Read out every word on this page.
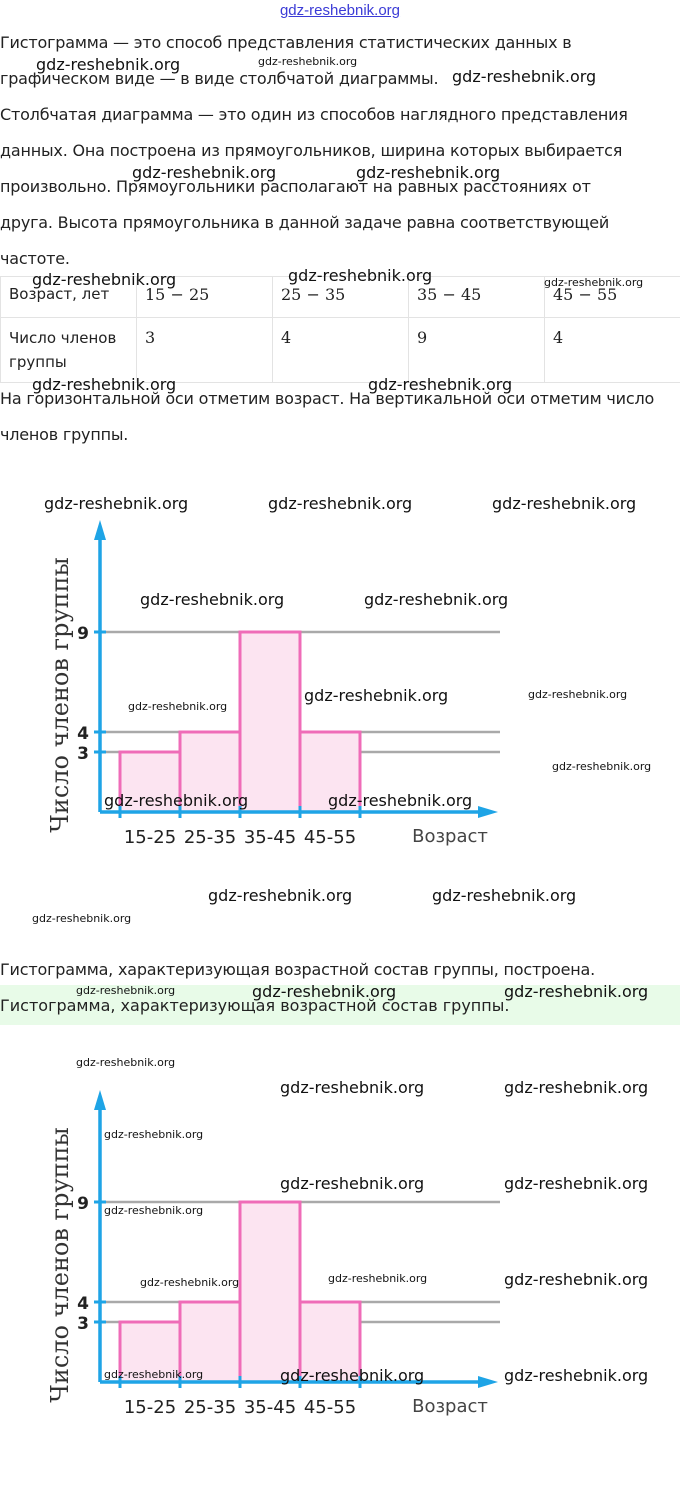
gdz-reshebnik.org
Гистограмма — это способ представления статистических данных в
графическом виде — в виде столбчатой диаграммы.
Столбчатая диаграмма — это один из способов наглядного представления
данных. Она построена из прямоугольников, ширина которых выбирается
произвольно. Прямоугольники располагают на равных расстояниях от
друга. Высота прямоугольника в данной задаче равна соответствующей
частоте.
Возраст, лет	15 − 25	25 − 35	35 − 45	45 − 55
Число членов группы	3	4	9	4
На горизонтальной оси отметим возраст. На вертикальной оси отметим число
членов группы.
3
4
9
15-25 25-35 35-45 45-55	Возраст
Число членов группы
Гистограмма, характеризующая возрастной состав группы, построена.
Гистограмма, характеризующая возрастной состав группы.
3
4
9
15-25 25-35 35-45 45-55	Возраст
Число членов группы
gdz-reshebnik.org
gdz-reshebnik.org
gdz-reshebnik.org
gdz-reshebnik.org	gdz-reshebnik.org
gdz-reshebnik.org	gdz-reshebnik.org	gdz-reshebnik.org
gdz-reshebnik.org	gdz-reshebnik.org
gdz-reshebnik.org	gdz-reshebnik.org	gdz-reshebnik.org
gdz-reshebnik.org	gdz-reshebnik.org
gdz-reshebnik.org	gdz-reshebnik.org
gdz-reshebnik.org
gdz-reshebnik.org
gdz-reshebnik.org	gdz-reshebnik.org
gdz-reshebnik.org	gdz-reshebnik.org
gdz-reshebnik.org
gdz-reshebnik.org	gdz-reshebnik.org	gdz-reshebnik.org
gdz-reshebnik.org
gdz-reshebnik.org	gdz-reshebnik.org
gdz-reshebnik.org
gdz-reshebnik.org	gdz-reshebnik.org
gdz-reshebnik.org
gdz-reshebnik.org	gdz-reshebnik.org	gdz-reshebnik.org
gdz-reshebnik.org	gdz-reshebnik.org	gdz-reshebnik.org
